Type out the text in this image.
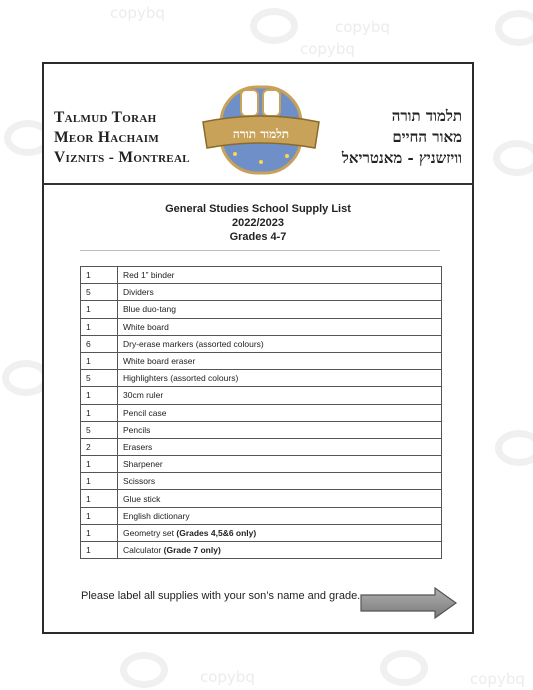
copybq
copybq
copybq
copybq	copybq
Talmud Torah
Meor Hachaim
Viznits - Montreal
תלמוד תורה
תלמוד תורה
מאור החיים
וויזשניץ - מאנטריאל
General Studies School Supply List
2022/2023
Grades 4-7
1	Red 1” binder
5	Dividers
1	Blue duo-tang
1	White board
6	Dry-erase markers (assorted colours)
1	White board eraser
5	Highlighters (assorted colours)
1	30cm ruler
1	Pencil case
5	Pencils
2	Erasers
1	Sharpener
1	Scissors
1	Glue stick
1	English dictionary
1	Geometry set (Grades 4,5&6 only)
1	Calculator (Grade 7 only)
Please label all supplies with your son’s name and grade.
